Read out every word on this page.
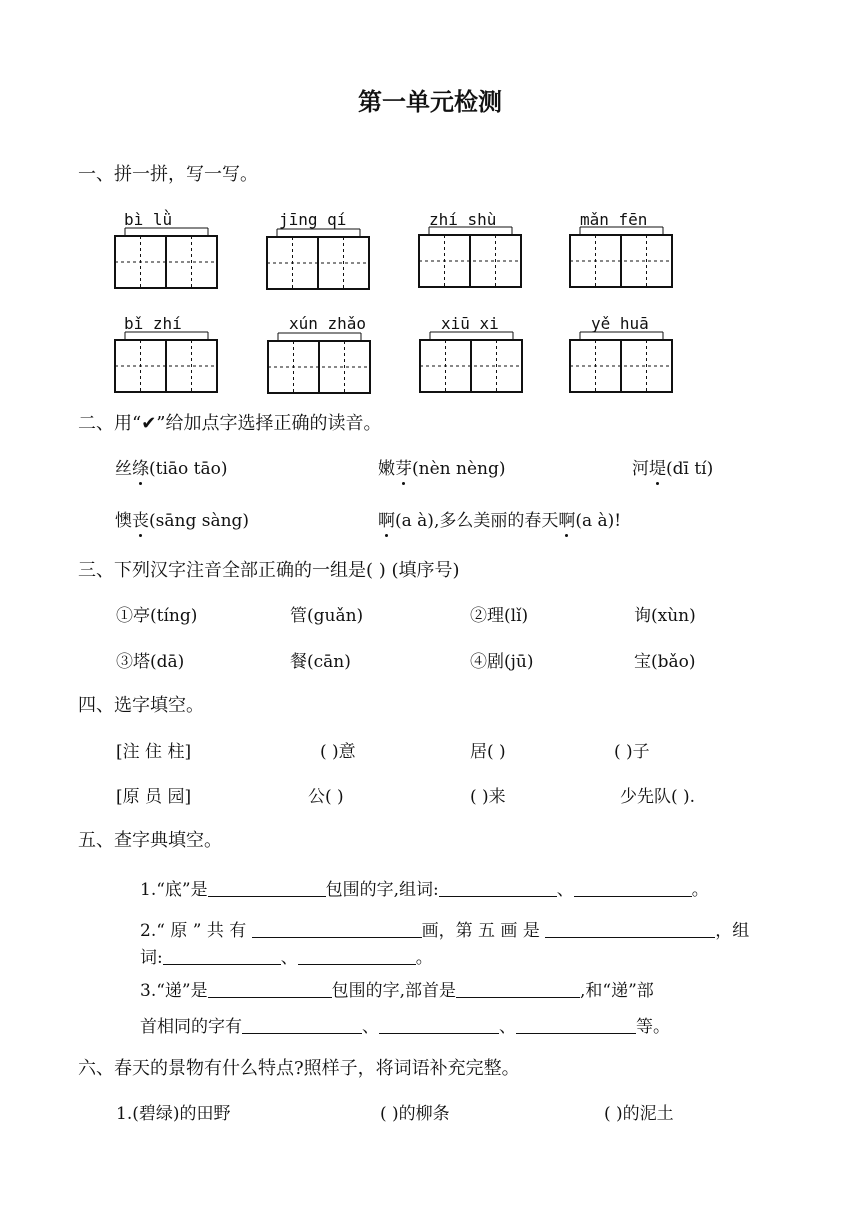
第一单元检测
一、拼一拼，写一写。
bì lǜ	jīng qí	zhí shù	mǎn fēn
bǐ zhí	xún zhǎo	xiū xi	yě huā
二、用“✔”给加点字选择正确的读音。
丝绦(tiāo tāo)	嫩芽(nèn nèng)	河堤(dī tí)
懊丧(sāng sàng)	啊(a à),多么美丽的春天啊(a à)!
三、下列汉字注音全部正确的一组是( ) (填序号)
①亭(tíng)	管(guǎn)	②理(lǐ)	询(xùn)
③塔(dā)	餐(cān)	④剧(jū)	宝(bǎo)
四、选字填空。
[注 住 柱]	( )意	居( )	( )子
[原 员 园]	公( )	( )来	少先队( ).
五、查字典填空。
1.“底”是	包围的字,组词:	、	。
2.“ 原 ” 共 有	画，第 五 画 是	，组
词:	、	。
3.“递”是	包围的字,部首是	,和“递”部
首相同的字有	、	、	等。
六、春天的景物有什么特点?照样子，将词语补充完整。
1.(碧绿)的田野	( )的柳条	( )的泥土
